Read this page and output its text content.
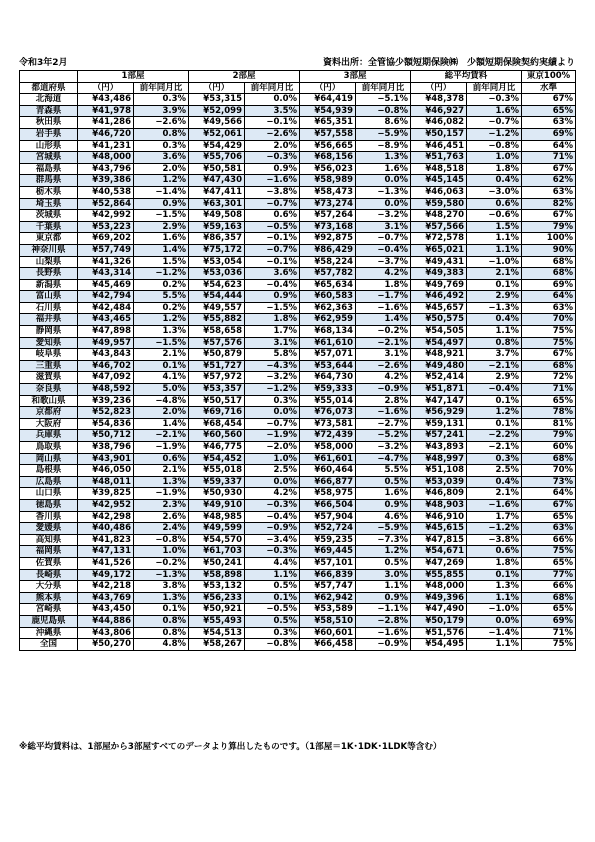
令和3年2月	資料出所：全管協少額短期保険㈱　少額短期保険契約実績より
	1部屋		2部屋		3部屋		総平均賃料		東京100%
都道府県	（円）	前年同月比	（円）	前年同月比	（円）	前年同月比	（円）	前年同月比	水準
北海道	¥43,486	0.3%	¥53,315	0.0%	¥64,419	−5.1%	¥48,378	−0.3%	67%
青森県	¥41,978	3.9%	¥52,099	3.5%	¥54,939	−0.8%	¥46,927	1.6%	65%
秋田県	¥41,286	−2.6%	¥49,566	−0.1%	¥65,351	8.6%	¥46,082	−0.7%	63%
岩手県	¥46,720	0.8%	¥52,061	−2.6%	¥57,558	−5.9%	¥50,157	−1.2%	69%
山形県	¥41,231	0.3%	¥54,429	2.0%	¥56,665	−8.9%	¥46,451	−0.8%	64%
宮城県	¥48,000	3.6%	¥55,706	−0.3%	¥68,156	1.3%	¥51,763	1.0%	71%
福島県	¥43,796	2.0%	¥50,581	0.9%	¥56,023	1.6%	¥48,518	1.8%	67%
群馬県	¥39,386	1.2%	¥47,430	−1.6%	¥58,989	0.0%	¥45,145	0.4%	62%
栃木県	¥40,538	−1.4%	¥47,411	−3.8%	¥58,473	−1.3%	¥46,063	−3.0%	63%
埼玉県	¥52,864	0.9%	¥63,301	−0.7%	¥73,274	0.0%	¥59,580	0.6%	82%
茨城県	¥42,992	−1.5%	¥49,508	0.6%	¥57,264	−3.2%	¥48,270	−0.6%	67%
千葉県	¥53,223	2.9%	¥59,163	−0.5%	¥73,168	3.1%	¥57,566	1.5%	79%
東京都	¥69,202	1.6%	¥86,357	−0.1%	¥92,875	−0.7%	¥72,578	1.1%	100%
神奈川県	¥57,749	1.4%	¥75,172	−0.7%	¥86,429	−0.4%	¥65,021	1.1%	90%
山梨県	¥41,326	1.5%	¥53,054	−0.1%	¥58,224	−3.7%	¥49,431	−1.0%	68%
長野県	¥43,314	−1.2%	¥53,036	3.6%	¥57,782	4.2%	¥49,383	2.1%	68%
新潟県	¥45,469	0.2%	¥54,623	−0.4%	¥65,634	1.8%	¥49,769	0.1%	69%
富山県	¥42,794	5.5%	¥54,444	0.9%	¥60,583	−1.7%	¥46,492	2.9%	64%
石川県	¥42,484	0.2%	¥49,557	−1.5%	¥62,363	−1.6%	¥45,657	−1.3%	63%
福井県	¥43,465	1.2%	¥55,882	1.8%	¥62,959	1.4%	¥50,575	0.4%	70%
静岡県	¥47,898	1.3%	¥58,658	1.7%	¥68,134	−0.2%	¥54,505	1.1%	75%
愛知県	¥49,957	−1.5%	¥57,576	3.1%	¥61,610	−2.1%	¥54,497	0.8%	75%
岐阜県	¥43,843	2.1%	¥50,879	5.8%	¥57,071	3.1%	¥48,921	3.7%	67%
三重県	¥46,702	0.1%	¥51,727	−4.3%	¥53,644	−2.6%	¥49,480	−2.1%	68%
滋賀県	¥47,092	4.1%	¥57,972	−3.2%	¥64,730	4.2%	¥52,414	2.9%	72%
奈良県	¥48,592	5.0%	¥53,357	−1.2%	¥59,333	−0.9%	¥51,871	−0.4%	71%
和歌山県	¥39,236	−4.8%	¥50,517	0.3%	¥55,014	2.8%	¥47,147	0.1%	65%
京都府	¥52,823	2.0%	¥69,716	0.0%	¥76,073	−1.6%	¥56,929	1.2%	78%
大阪府	¥54,836	1.4%	¥68,454	−0.7%	¥73,581	−2.7%	¥59,131	0.1%	81%
兵庫県	¥50,712	−2.1%	¥60,560	−1.9%	¥72,439	−5.2%	¥57,241	−2.2%	79%
鳥取県	¥38,796	−1.9%	¥46,775	−2.0%	¥58,000	−3.2%	¥43,893	−2.1%	60%
岡山県	¥43,901	0.6%	¥54,452	1.0%	¥61,601	−4.7%	¥48,997	0.3%	68%
島根県	¥46,050	2.1%	¥55,018	2.5%	¥60,464	5.5%	¥51,108	2.5%	70%
広島県	¥48,011	1.3%	¥59,337	0.0%	¥66,877	0.5%	¥53,039	0.4%	73%
山口県	¥39,825	−1.9%	¥50,930	4.2%	¥58,975	1.6%	¥46,809	2.1%	64%
徳島県	¥42,952	2.3%	¥49,910	−0.3%	¥66,504	0.9%	¥48,903	−1.6%	67%
香川県	¥42,298	2.6%	¥48,985	−0.4%	¥57,904	4.6%	¥46,910	1.7%	65%
愛媛県	¥40,486	2.4%	¥49,599	−0.9%	¥52,724	−5.9%	¥45,615	−1.2%	63%
高知県	¥41,823	−0.8%	¥54,570	−3.4%	¥59,235	−7.3%	¥47,815	−3.8%	66%
福岡県	¥47,131	1.0%	¥61,703	−0.3%	¥69,445	1.2%	¥54,671	0.6%	75%
佐賀県	¥41,526	−0.2%	¥50,241	4.4%	¥57,101	0.5%	¥47,269	1.8%	65%
長崎県	¥49,172	−1.3%	¥58,898	1.1%	¥66,839	3.0%	¥55,855	0.1%	77%
大分県	¥42,218	3.8%	¥53,132	0.5%	¥57,747	1.1%	¥48,000	1.3%	66%
熊本県	¥43,769	1.3%	¥56,233	0.1%	¥62,942	0.9%	¥49,396	1.1%	68%
宮崎県	¥43,450	0.1%	¥50,921	−0.5%	¥53,589	−1.1%	¥47,490	−1.0%	65%
鹿児島県	¥44,886	0.8%	¥55,493	0.5%	¥58,510	−2.8%	¥50,179	0.0%	69%
沖縄県	¥43,806	0.8%	¥54,513	0.3%	¥60,601	−1.6%	¥51,576	−1.4%	71%
全国	¥50,270	4.8%	¥58,267	−0.8%	¥66,458	−0.9%	¥54,495	1.1%	75%
※総平均賃料は、1部屋から3部屋すべてのデータより算出したものです。（1部屋＝1K･1DK･1LDK等含む）
